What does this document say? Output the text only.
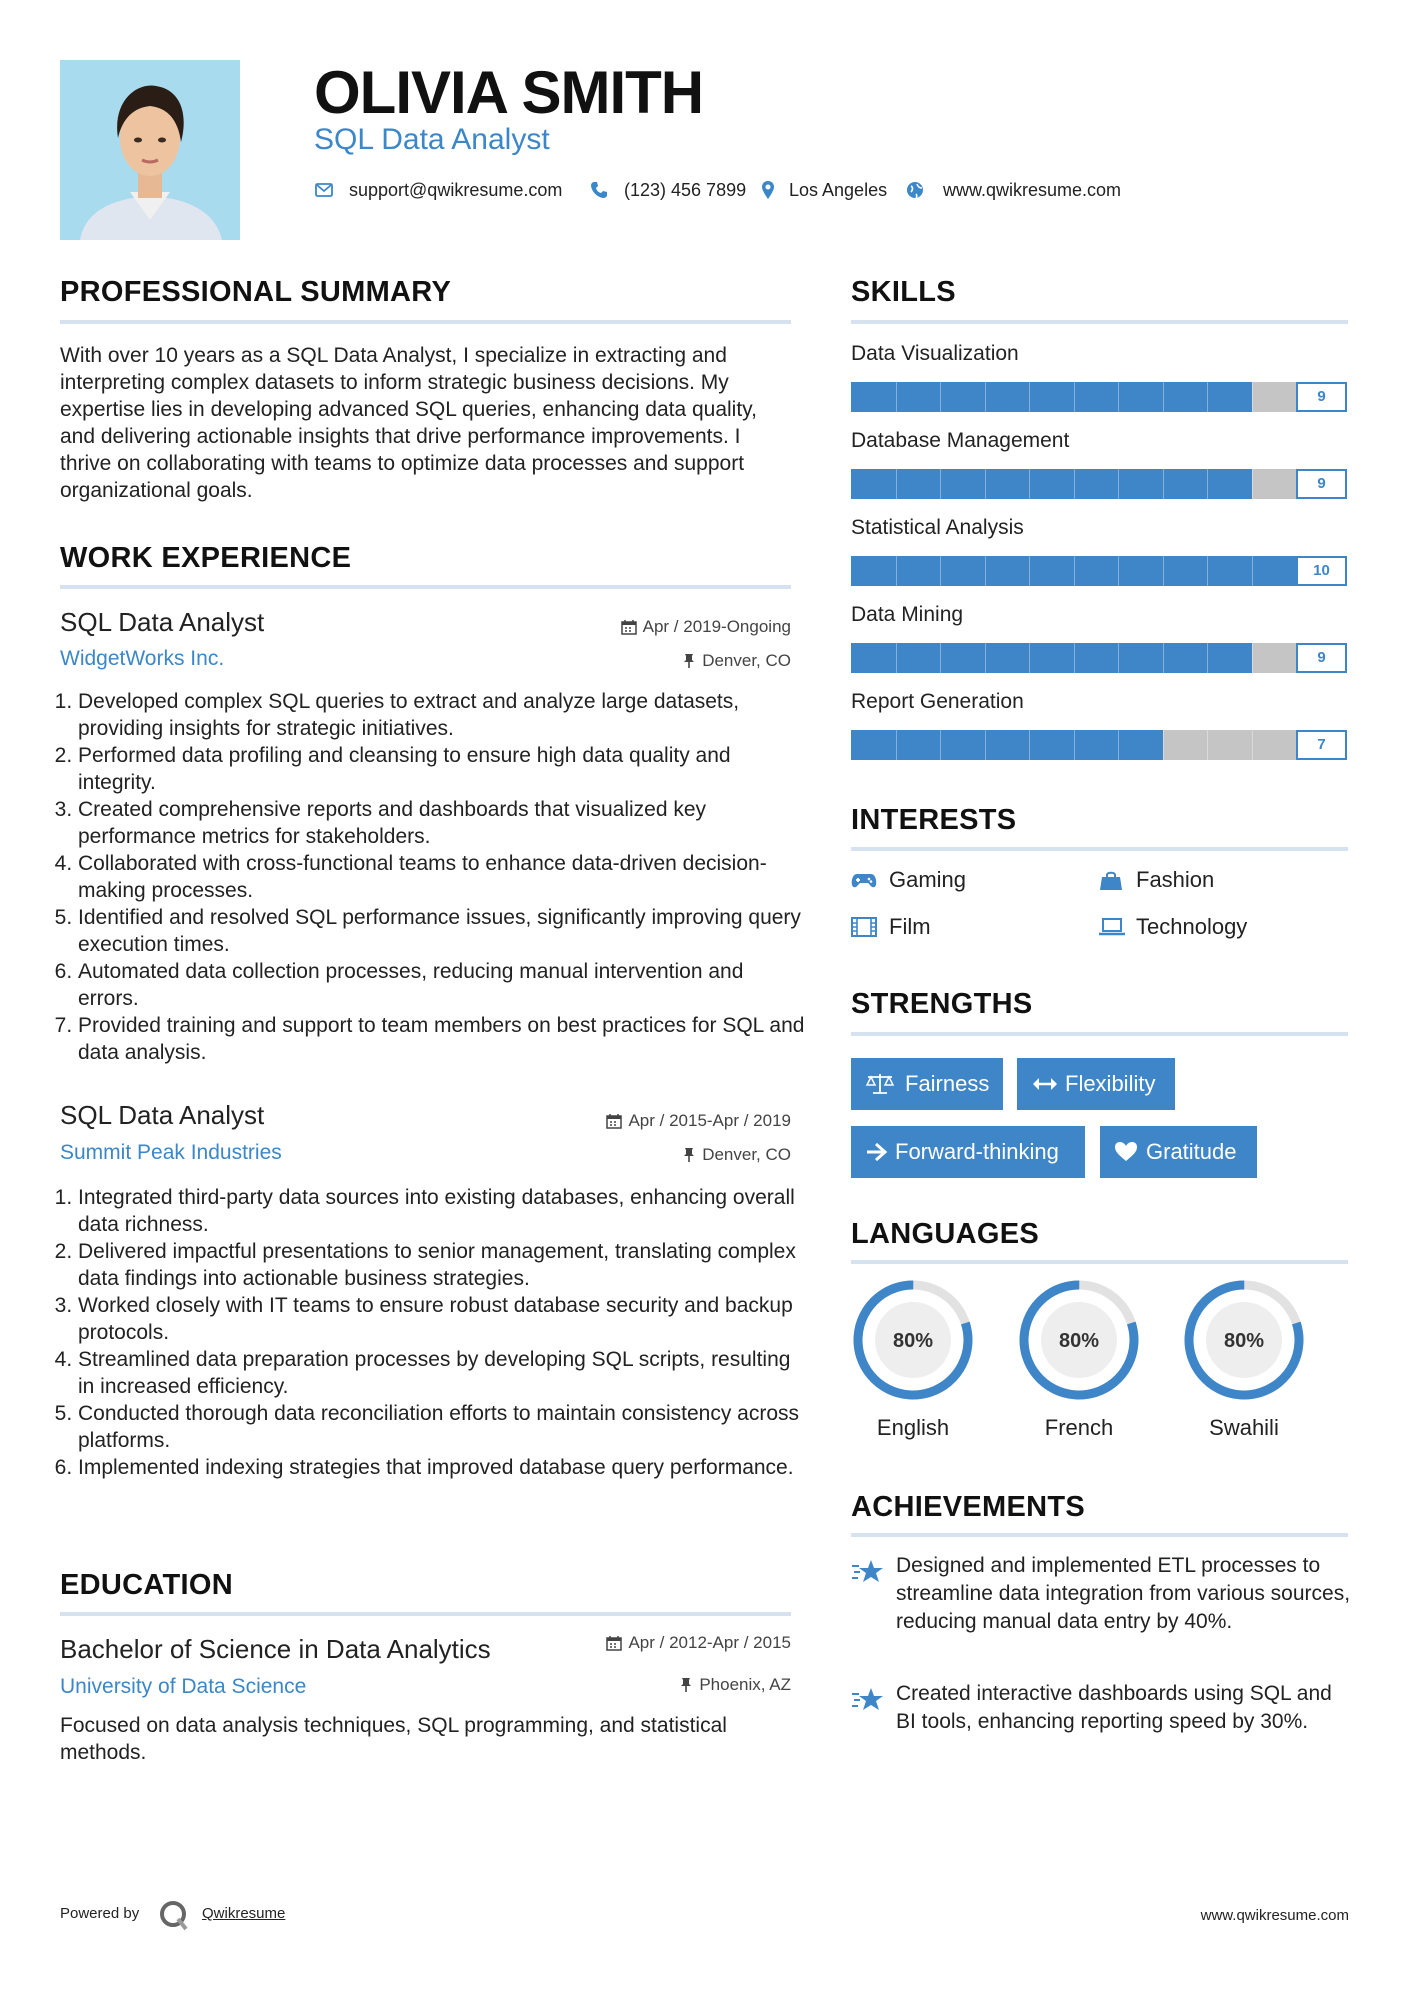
OLIVIA SMITH
SQL Data Analyst
support@qwikresume.com	(123) 456 7899 Los Angeles	www.qwikresume.com
PROFESSIONAL SUMMARY
With over 10 years as a SQL Data Analyst, I specialize in extracting and interpreting complex datasets to inform strategic business decisions. My expertise lies in developing advanced SQL queries, enhancing data quality, and delivering actionable insights that drive performance improvements. I thrive on collaborating with teams to optimize data processes and support organizational goals.
WORK EXPERIENCE
SQL Data Analyst
WidgetWorks Inc.
Apr / 2019-Ongoing
Denver, CO
1. Developed complex SQL queries to extract and analyze large datasets, providing insights for strategic initiatives.
2. Performed data profiling and cleansing to ensure high data quality and integrity.
3. Created comprehensive reports and dashboards that visualized key performance metrics for stakeholders.
4. Collaborated with cross-functional teams to enhance data-driven decision-making processes.
5. Identified and resolved SQL performance issues, significantly improving query execution times.
6. Automated data collection processes, reducing manual intervention and errors.
7. Provided training and support to team members on best practices for SQL and data analysis.
SQL Data Analyst
Summit Peak Industries
Apr / 2015-Apr / 2019
Denver, CO
1. Integrated third-party data sources into existing databases, enhancing overall data richness.
2. Delivered impactful presentations to senior management, translating complex data findings into actionable business strategies.
3. Worked closely with IT teams to ensure robust database security and backup protocols.
4. Streamlined data preparation processes by developing SQL scripts, resulting in increased efficiency.
5. Conducted thorough data reconciliation efforts to maintain consistency across platforms.
6. Implemented indexing strategies that improved database query performance.
EDUCATION
Bachelor of Science in Data Analytics
University of Data Science
Apr / 2012-Apr / 2015
Phoenix, AZ
Focused on data analysis techniques, SQL programming, and statistical methods.
SKILLS
Data Visualization
9
Database Management
9
Statistical Analysis
10
Data Mining
9
Report Generation
7
INTERESTS
Gaming	Fashion
Film	Technology
STRENGTHS
Fairness	Flexibility
Forward-thinking	Gratitude
LANGUAGES
80%
English
80%
French
80%
Swahili
ACHIEVEMENTS
Designed and implemented ETL processes to streamline data integration from various sources, reducing manual data entry by 40%.
Created interactive dashboards using SQL and BI tools, enhancing reporting speed by 30%.
Powered by	Qwikresume	www.qwikresume.com
